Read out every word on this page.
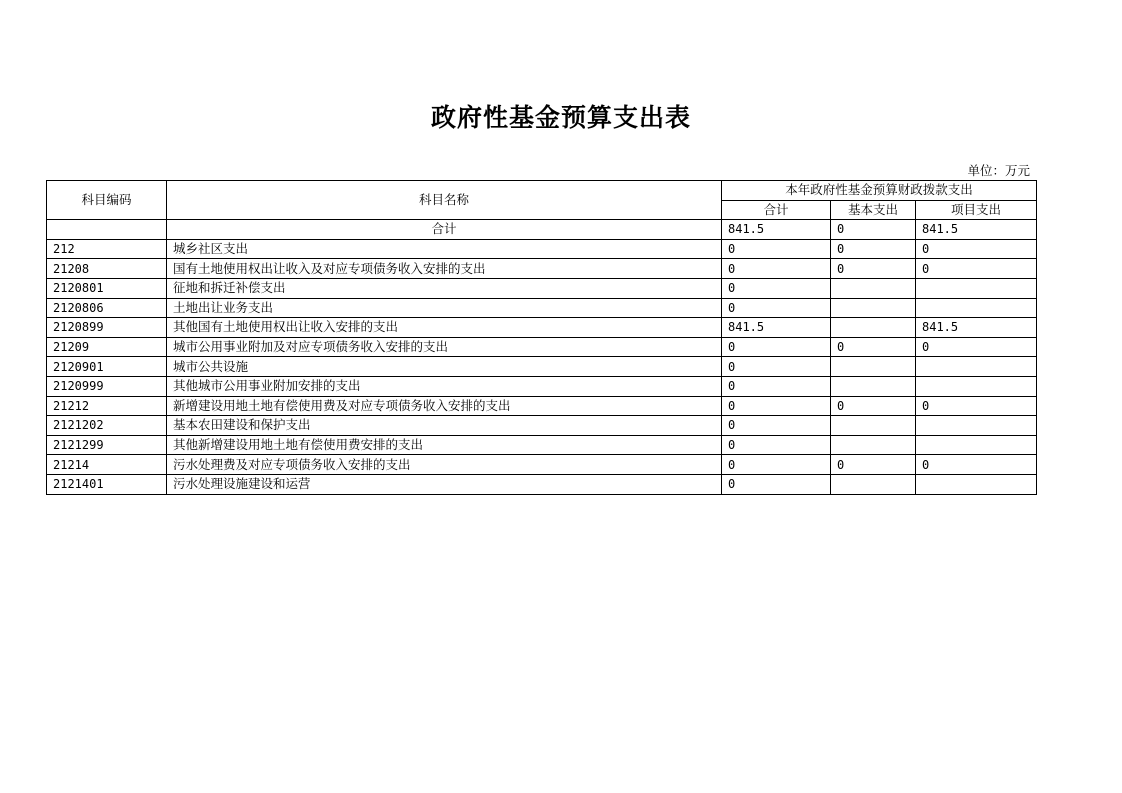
政府性基金预算支出表
单位：万元
科目编码	科目名称	本年政府性基金预算财政拨款支出		
		合计	基本支出	项目支出
	合计	841.5	0	841.5
212	城乡社区支出	0	0	0
21208	国有土地使用权出让收入及对应专项债务收入安排的支出	0	0	0
2120801	征地和拆迁补偿支出	0		
2120806	土地出让业务支出	0		
2120899	其他国有土地使用权出让收入安排的支出	841.5		841.5
21209	城市公用事业附加及对应专项债务收入安排的支出	0	0	0
2120901	城市公共设施	0		
2120999	其他城市公用事业附加安排的支出	0		
21212	新增建设用地土地有偿使用费及对应专项债务收入安排的支出	0	0	0
2121202	基本农田建设和保护支出	0		
2121299	其他新增建设用地土地有偿使用费安排的支出	0		
21214	污水处理费及对应专项债务收入安排的支出	0	0	0
2121401	污水处理设施建设和运营	0		
